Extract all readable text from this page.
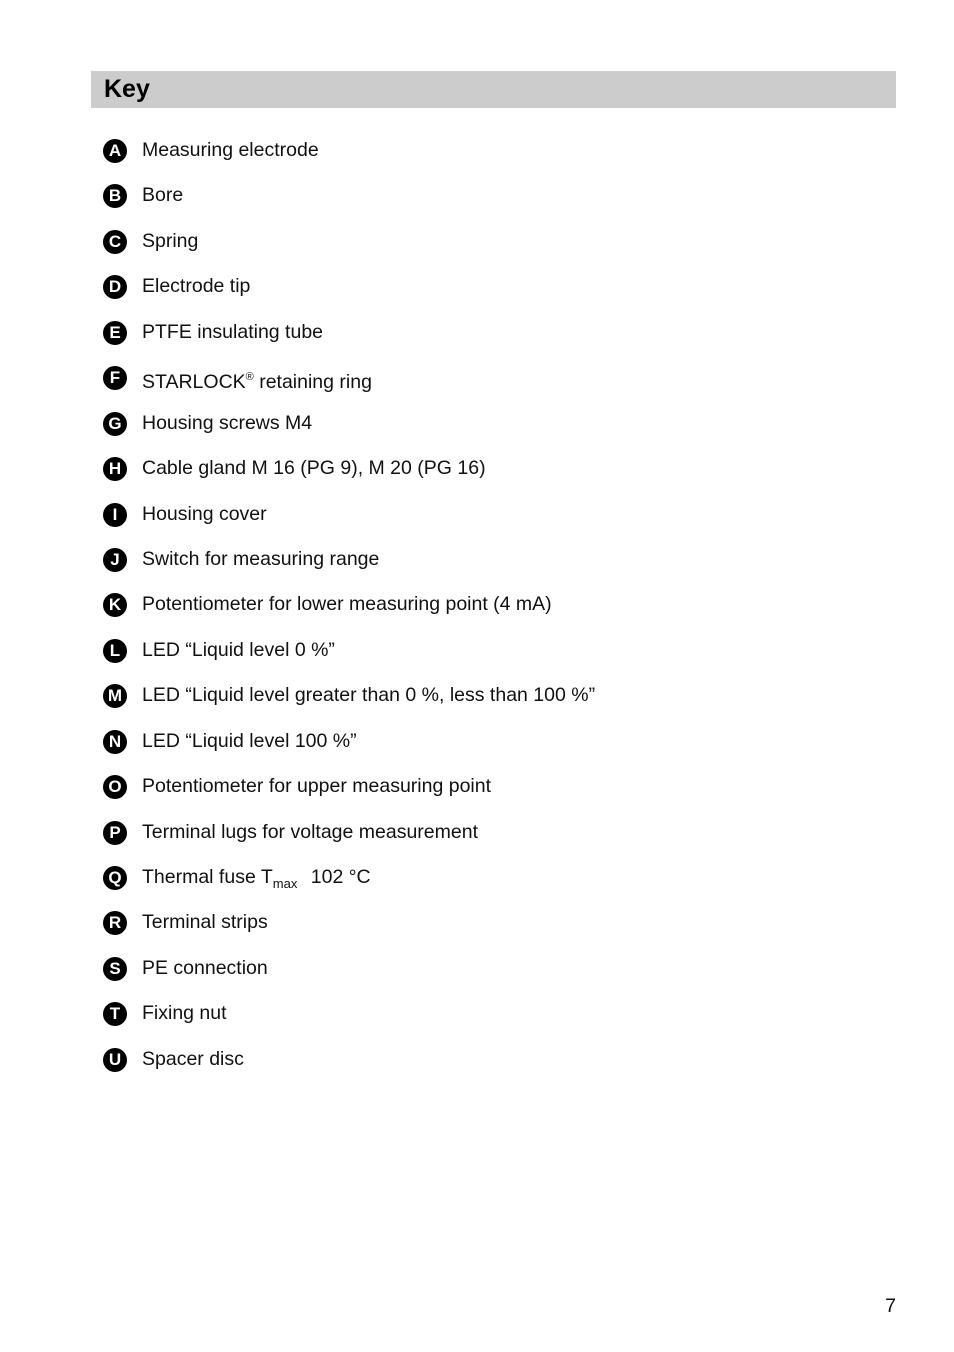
Key
A	Measuring electrode
B	Bore
C	Spring
D	Electrode tip
E	PTFE insulating tube
F	STARLOCK® retaining ring
G Housing screws M4
H	Cable gland M 16 (PG 9), M 20 (PG 16)
I	Housing cover
J	Switch for measuring range
K	Potentiometer for lower measuring point (4 mA)
L	LED “Liquid level 0 %”
M LED “Liquid level greater than 0 %, less than 100 %”
N	LED “Liquid level 100 %”
O Potentiometer for upper measuring point
P	Terminal lugs for voltage measurement
Q Thermal fuse $T_{max}$ 102 °C
R	Terminal strips
S	PE connection
T	Fixing nut
U	Spacer disc
7
